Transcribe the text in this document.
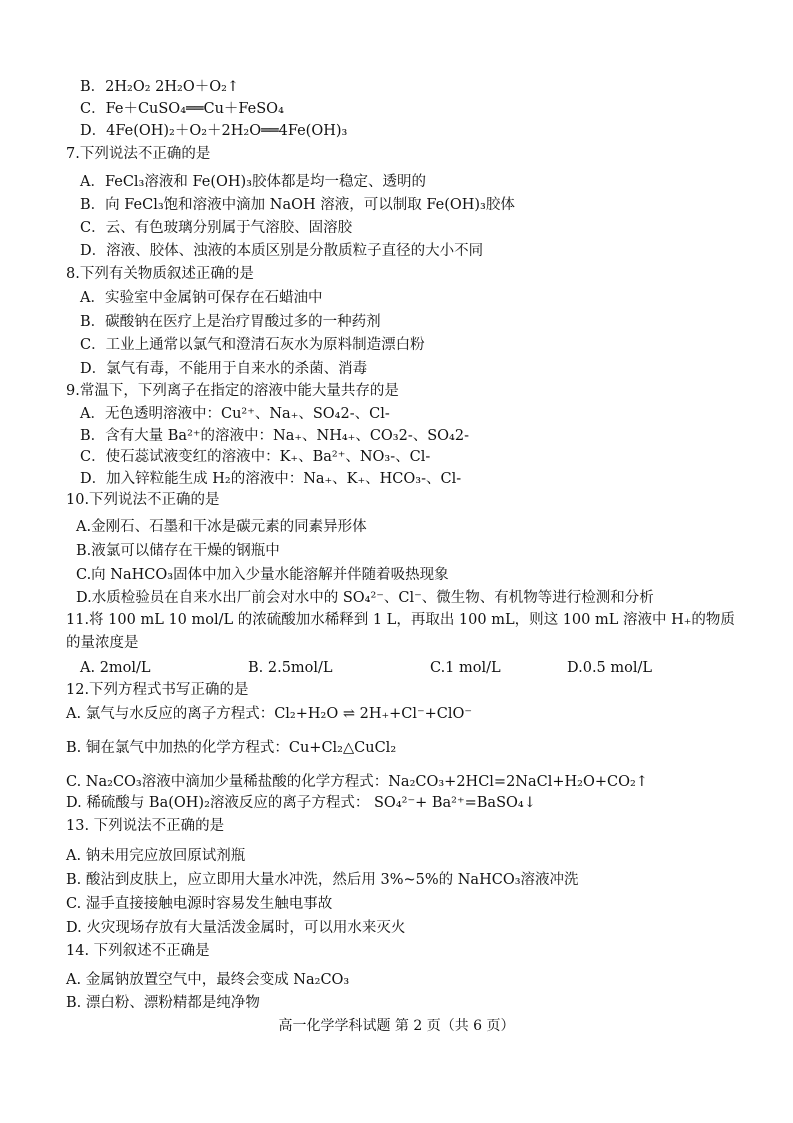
B．2H₂O₂ 2H₂O＋O₂↑
C．Fe＋CuSO₄══Cu＋FeSO₄
D．4Fe(OH)₂＋O₂＋2H₂O══4Fe(OH)₃
7.下列说法不正确的是
A．FeCl₃溶液和 Fe(OH)₃胶体都是均一稳定、透明的
B．向 FeCl₃饱和溶液中滴加 NaOH 溶液，可以制取 Fe(OH)₃胶体
C．云、有色玻璃分别属于气溶胶、固溶胶
D．溶液、胶体、浊液的本质区别是分散质粒子直径的大小不同
8.下列有关物质叙述正确的是
A．实验室中金属钠可保存在石蜡油中
B．碳酸钠在医疗上是治疗胃酸过多的一种药剂
C．工业上通常以氯气和澄清石灰水为原料制造漂白粉
D．氯气有毒，不能用于自来水的杀菌、消毒
9.常温下，下列离子在指定的溶液中能大量共存的是
A．无色透明溶液中：Cu²⁺、Na₊、SO₄2-、Cl-
B．含有大量 Ba²⁺的溶液中：Na₊、NH₄₊、CO₃2-、SO₄2-
C．使石蕊试液变红的溶液中：K₊、Ba²⁺、NO₃-、Cl-
D．加入锌粒能生成 H₂的溶液中：Na₊、K₊、HCO₃-、Cl-
10.下列说法不正确的是
A.金刚石、石墨和干冰是碳元素的同素异形体
B.液氯可以储存在干燥的钢瓶中
C.向 NaHCO₃固体中加入少量水能溶解并伴随着吸热现象
D.水质检验员在自来水出厂前会对水中的 SO₄²⁻、Cl⁻、微生物、有机物等进行检测和分析
11.将 100 mL 10 mol/L 的浓硫酸加水稀释到 1 L，再取出 100 mL，则这 100 mL 溶液中 H₊的物质
的量浓度是
A. 2mol/L	B. 2.5mol/L	C.1 mol/L	D.0.5 mol/L
12.下列方程式书写正确的是
A. 氯气与水反应的离子方程式：Cl₂+H₂O ⇌ 2H₊+Cl⁻+ClO⁻
B. 铜在氯气中加热的化学方程式：Cu+Cl₂△CuCl₂
C. Na₂CO₃溶液中滴加少量稀盐酸的化学方程式：Na₂CO₃+2HCl=2NaCl+H₂O+CO₂↑
D. 稀硫酸与 Ba(OH)₂溶液反应的离子方程式： SO₄²⁻+ Ba²⁺=BaSO₄↓
13. 下列说法不正确的是
A. 钠未用完应放回原试剂瓶
B. 酸沾到皮肤上，应立即用大量水冲洗，然后用 3%~5%的 NaHCO₃溶液冲洗
C. 湿手直接接触电源时容易发生触电事故
D. 火灾现场存放有大量活泼金属时，可以用水来灭火
14. 下列叙述不正确是
A. 金属钠放置空气中，最终会变成 Na₂CO₃
B. 漂白粉、漂粉精都是纯净物
高一化学学科试题 第 2 页（共 6 页）
